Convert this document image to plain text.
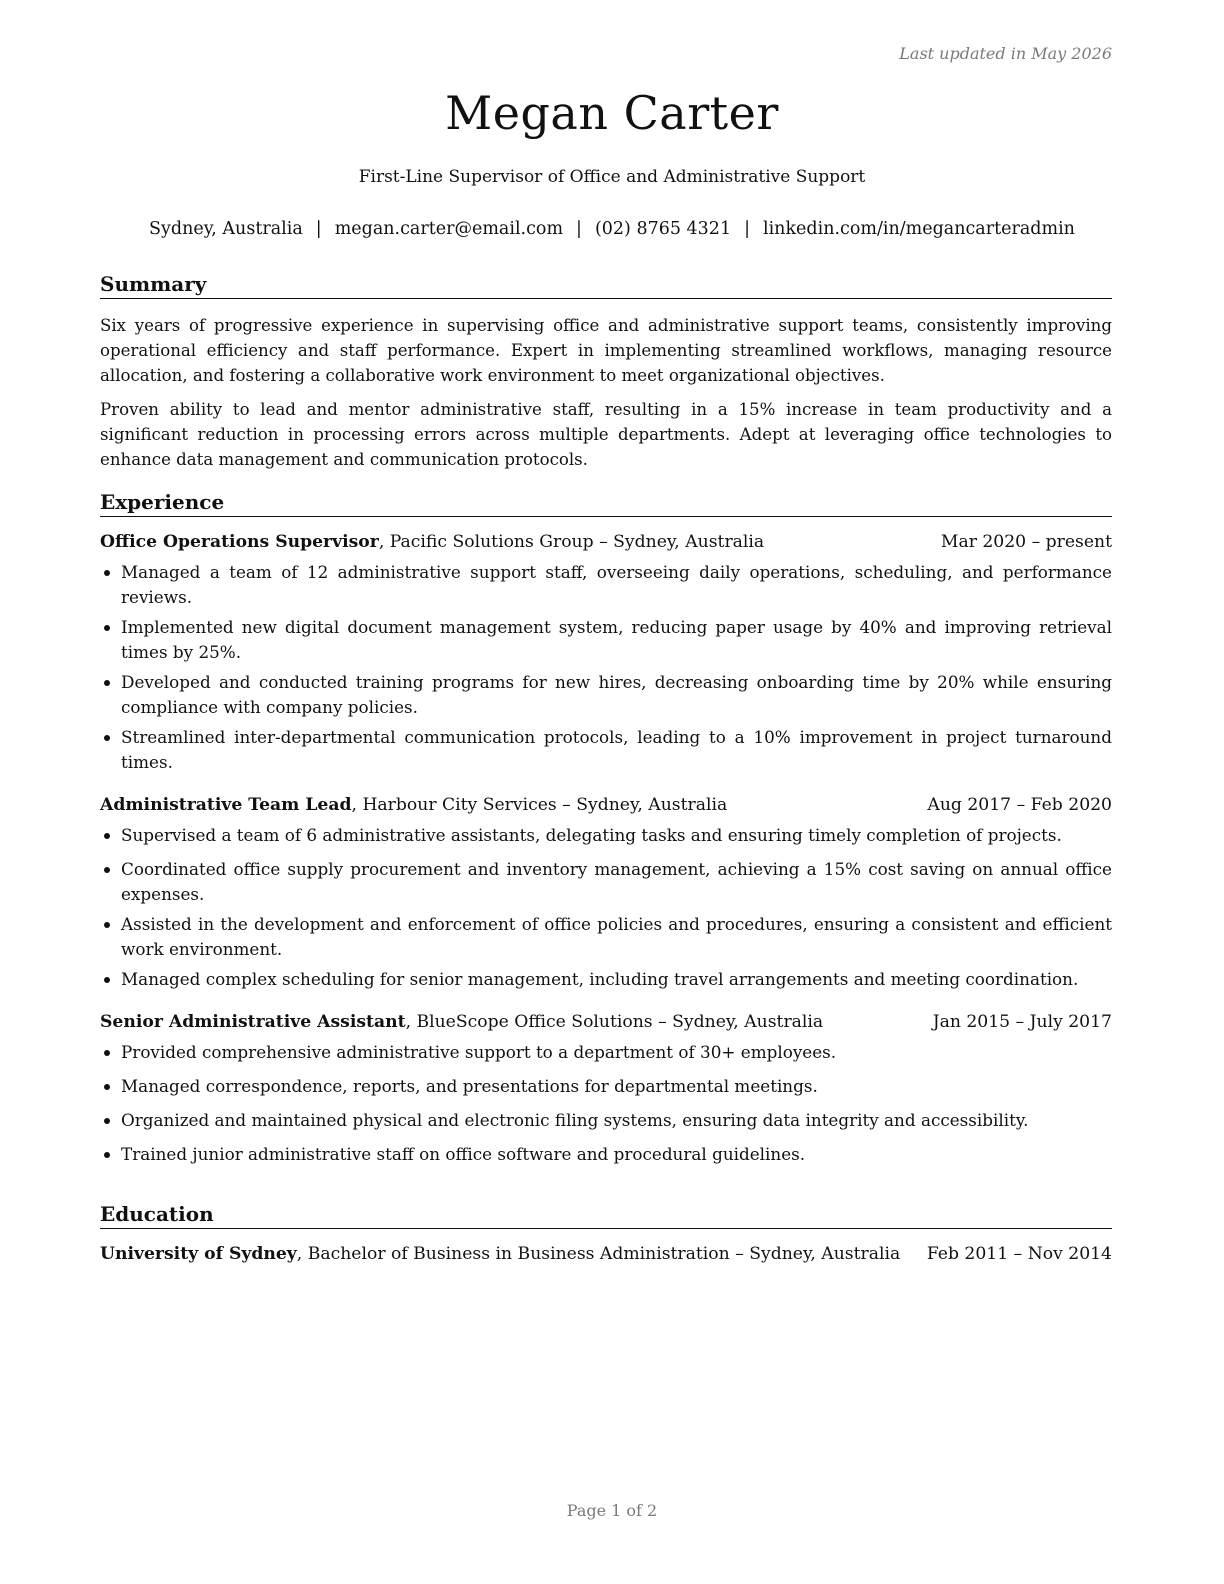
Last updated in May 2026
Megan Carter
First-Line Supervisor of Office and Administrative Support
Sydney, Australia | megan.carter@email.com | (02) 8765 4321 | linkedin.com/in/megancarteradmin
Summary

Six years of progressive experience in supervising office and administrative support teams, consistently improving operational efficiency and staff performance. Expert in implementing streamlined workflows, managing resource allocation, and fostering a collaborative work environment to meet organizational objectives.

Proven ability to lead and mentor administrative staff, resulting in a 15% increase in team productivity and a significant reduction in processing errors across multiple departments. Adept at leveraging office technologies to enhance data management and communication protocols.

Experience
Office Operations Supervisor, Pacific Solutions Group – Sydney, Australia	Mar 2020 – present
Managed a team of 12 administrative support staff, overseeing daily operations, scheduling, and performance reviews.
Implemented new digital document management system, reducing paper usage by 40% and improving retrieval times by 25%.
Developed and conducted training programs for new hires, decreasing onboarding time by 20% while ensuring compliance with company policies.
Streamlined inter-departmental communication protocols, leading to a 10% improvement in project turnaround times.
Administrative Team Lead, Harbour City Services – Sydney, Australia	Aug 2017 – Feb 2020
Supervised a team of 6 administrative assistants, delegating tasks and ensuring timely completion of projects.
Coordinated office supply procurement and inventory management, achieving a 15% cost saving on annual office expenses.
Assisted in the development and enforcement of office policies and procedures, ensuring a consistent and efficient work environment.
Managed complex scheduling for senior management, including travel arrangements and meeting coordination.
Senior Administrative Assistant, BlueScope Office Solutions – Sydney, Australia	Jan 2015 – July 2017
Provided comprehensive administrative support to a department of 30+ employees.
Managed correspondence, reports, and presentations for departmental meetings.
Organized and maintained physical and electronic filing systems, ensuring data integrity and accessibility.
Trained junior administrative staff on office software and procedural guidelines.
Education
University of Sydney, Bachelor of Business in Business Administration – Sydney, Australia Feb 2011 – Nov 2014
Page 1 of 2
